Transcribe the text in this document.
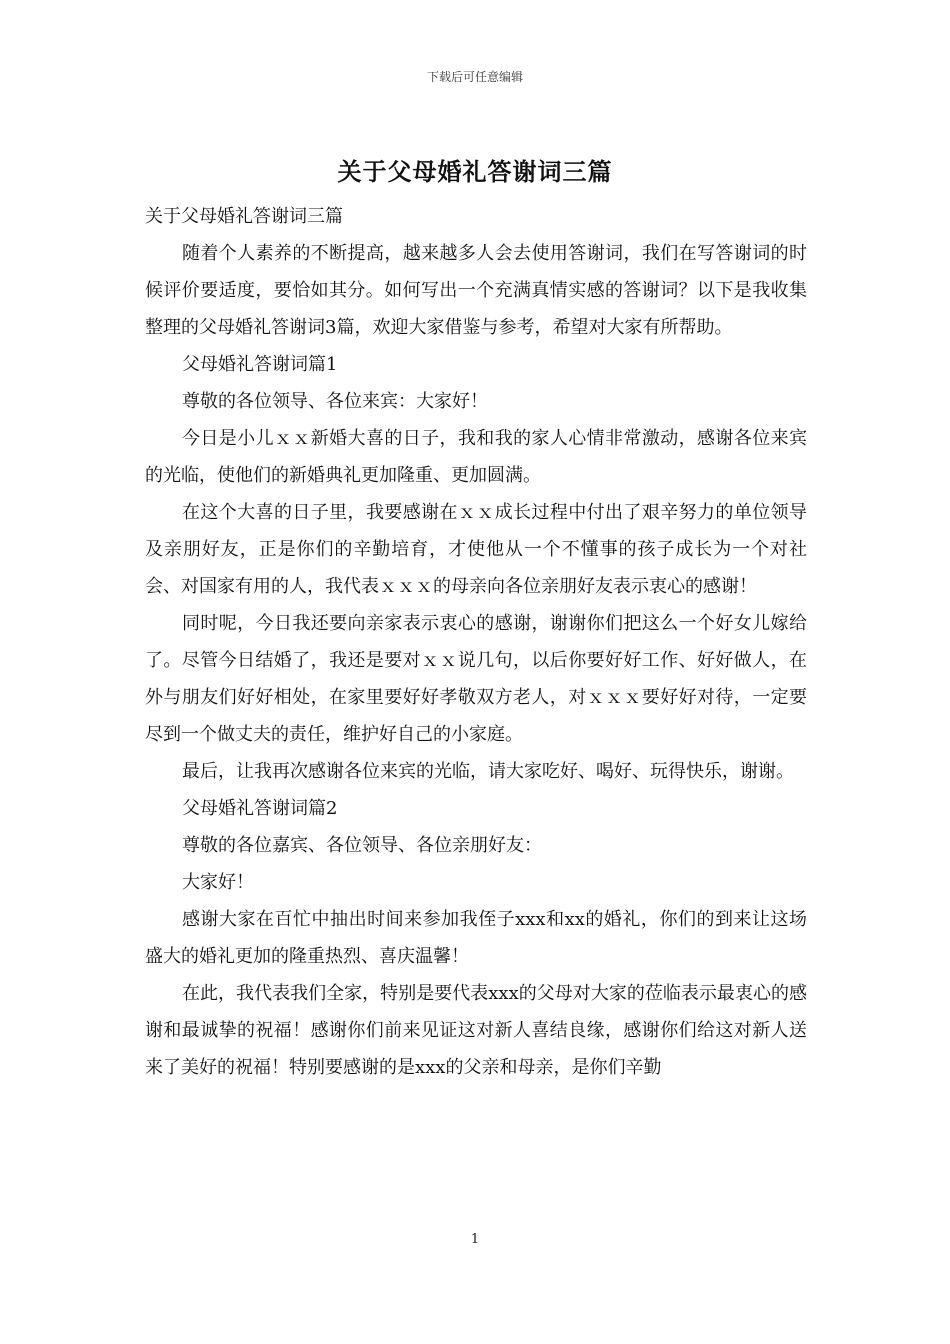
下载后可任意编辑
关于父母婚礼答谢词三篇

关于父母婚礼答谢词三篇

随着个人素养的不断提高，越来越多人会去使用答谢词，我们在写答谢词的时候评价要适度，要恰如其分。如何写出一个充满真情实感的答谢词？以下是我收集整理的父母婚礼答谢词3篇，欢迎大家借鉴与参考，希望对大家有所帮助。

父母婚礼答谢词篇1

尊敬的各位领导、各位来宾：大家好！

今日是小儿ｘｘ新婚大喜的日子，我和我的家人心情非常激动，感谢各位来宾的光临，使他们的新婚典礼更加隆重、更加圆满。

在这个大喜的日子里，我要感谢在ｘｘ成长过程中付出了艰辛努力的单位领导及亲朋好友，正是你们的辛勤培育，才使他从一个不懂事的孩子成长为一个对社会、对国家有用的人，我代表ｘｘｘ的母亲向各位亲朋好友表示衷心的感谢！

同时呢，今日我还要向亲家表示衷心的感谢，谢谢你们把这么一个好女儿嫁给了。尽管今日结婚了，我还是要对ｘｘ说几句，以后你要好好工作、好好做人，在外与朋友们好好相处，在家里要好好孝敬双方老人，对ｘｘｘ要好好对待，一定要尽到一个做丈夫的责任，维护好自己的小家庭。

最后，让我再次感谢各位来宾的光临，请大家吃好、喝好、玩得快乐，谢谢。

父母婚礼答谢词篇2

尊敬的各位嘉宾、各位领导、各位亲朋好友：

大家好！

感谢大家在百忙中抽出时间来参加我侄子xxx和xx的婚礼，你们的到来让这场盛大的婚礼更加的隆重热烈、喜庆温馨！

在此，我代表我们全家，特别是要代表xxx的父母对大家的莅临表示最衷心的感谢和最诚挚的祝福！感谢你们前来见证这对新人喜结良缘，感谢你们给这对新人送来了美好的祝福！特别要感谢的是xxx的父亲和母亲，是你们辛勤

1
